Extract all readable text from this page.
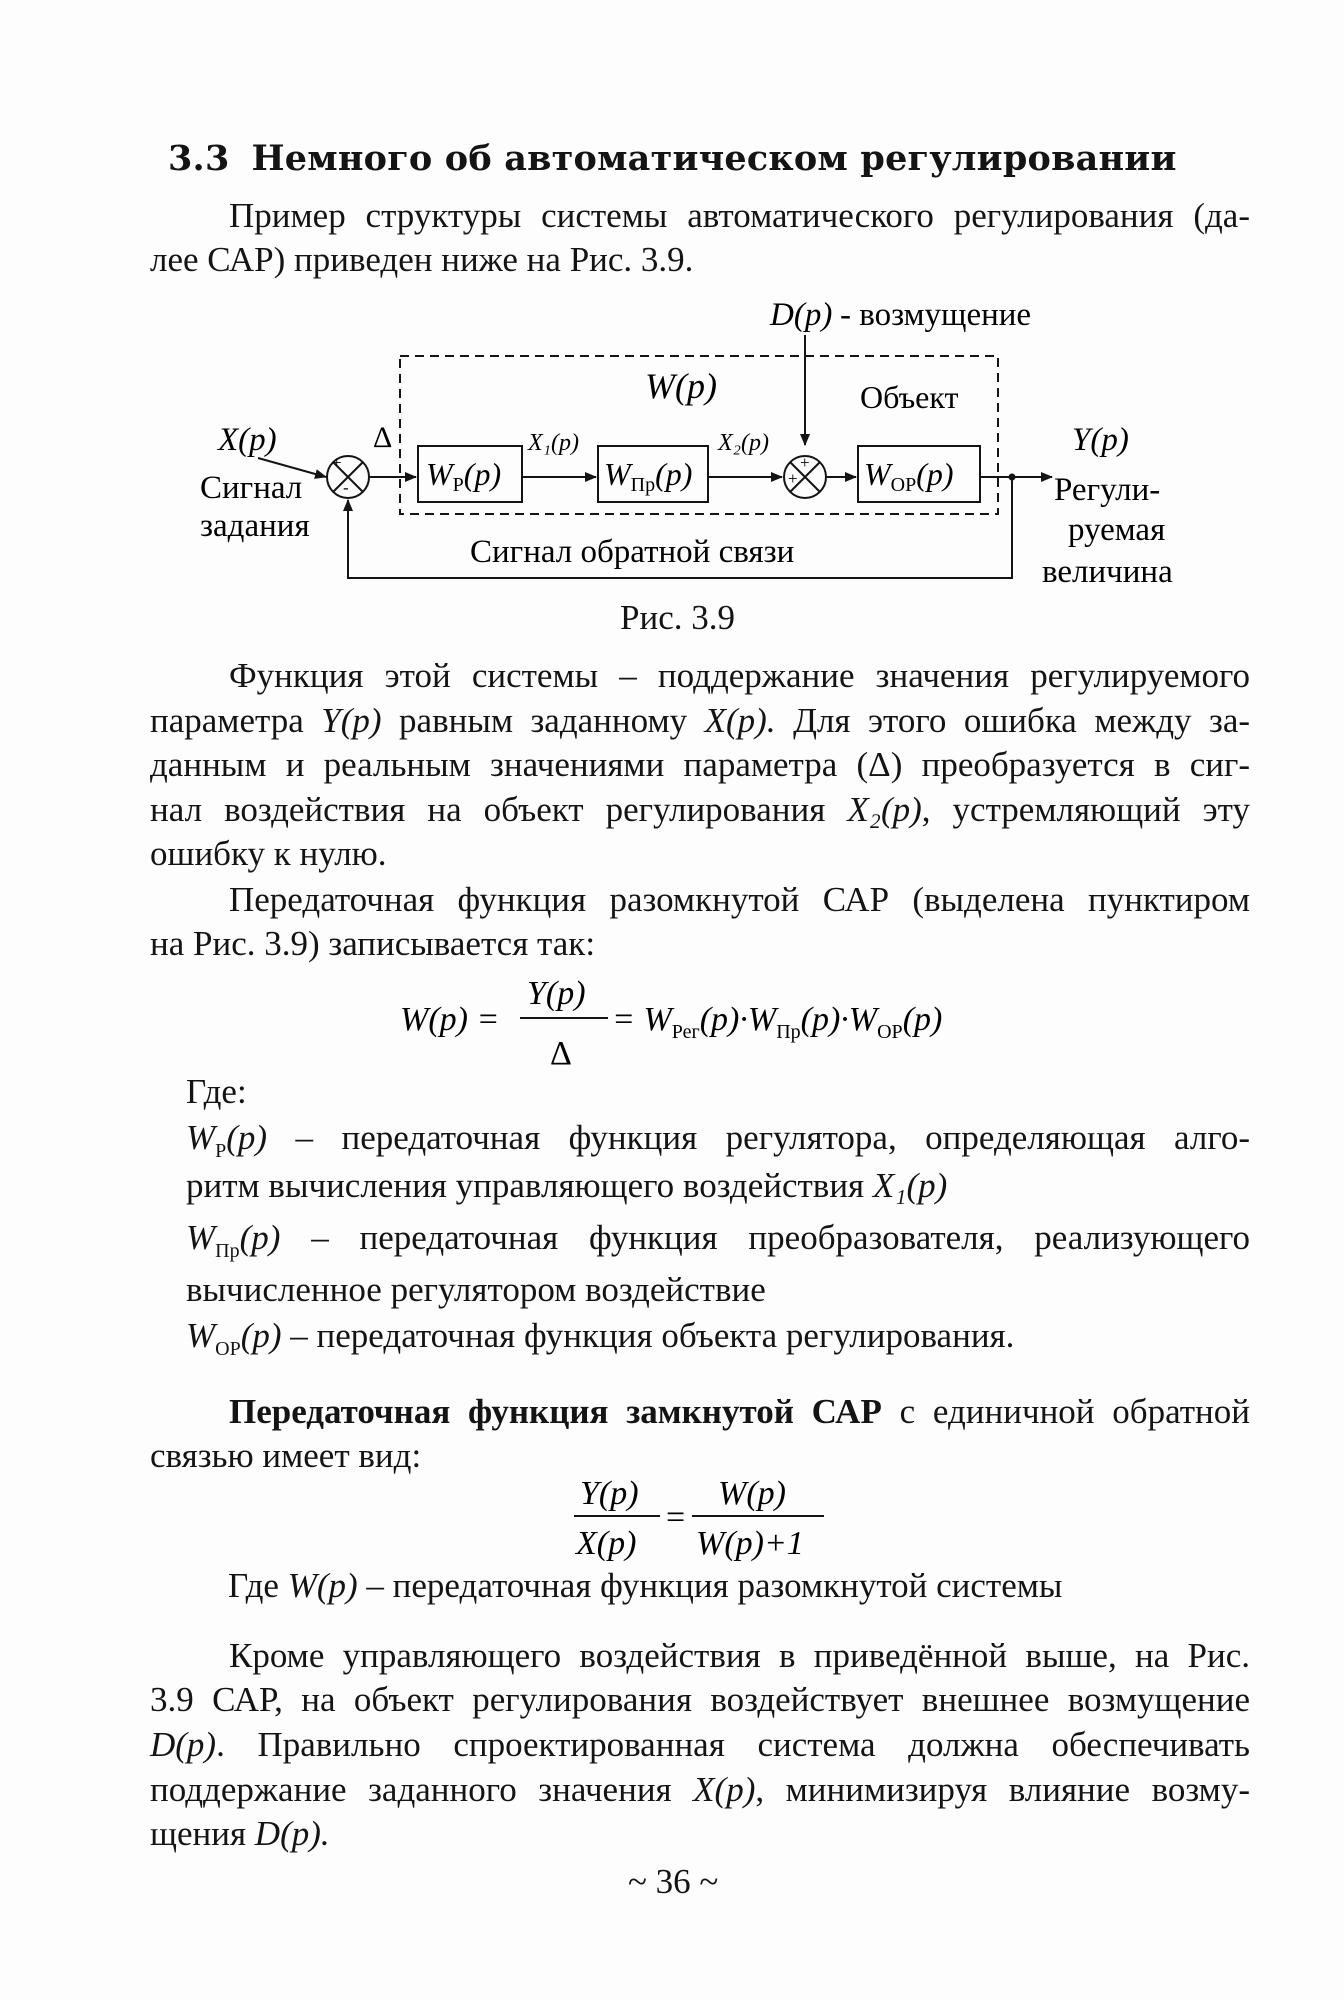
3.3 Немного об автоматическом регулировании
Пример структуры системы автоматического регулирования (да-
лее САР) приведен ниже на Рис. 3.9.
D(p) - возмущение
W(p)	Объект
X(p)
Сигнал
задания
+
-
Δ
WР(p)
X₁(p)
WПр(p)
X₂(p)
+
+ WОР(p)
Y(p)
Регули-
руемая
величина
Сигнал обратной связи
Рис. 3.9
Функция этой системы – поддержание значения регулируемого
параметра Y(p) равным заданному X(p). Для этого ошибка между за-
данным и реальным значениями параметра (Δ) преобразуется в сиг-
нал воздействия на объект регулирования X₂(p), устремляющий эту
ошибку к нулю.
Передаточная функция разомкнутой САР (выделена пунктиром
на Рис. 3.9) записывается так:
W(p) =
Y(p)
Δ
= $W_{Рег}(p)\cdot W_{Пр}(p)\cdot W_{ОР}(p)$
Где:
$W_Р(p)$ – передаточная функция регулятора, определяющая алго-
ритм вычисления управляющего воздействия X₁(p)
$W_{Пр}(p)$ – передаточная функция преобразователя, реализующего
вычисленное регулятором воздействие
$W_{ОР}(p)$ – передаточная функция объекта регулирования.
Передаточная функция замкнутой САР с единичной обратной
связью имеет вид:
Y(p)
X(p)
=
W(p)
W(p)+1
Где W(p) – передаточная функция разомкнутой системы
Кроме управляющего воздействия в приведённой выше, на Рис.
3.9 САР, на объект регулирования воздействует внешнее возмущение
D(p). Правильно спроектированная система должна обеспечивать
поддержание заданного значения X(p), минимизируя влияние возму-
щения D(p).
~ 36 ~
